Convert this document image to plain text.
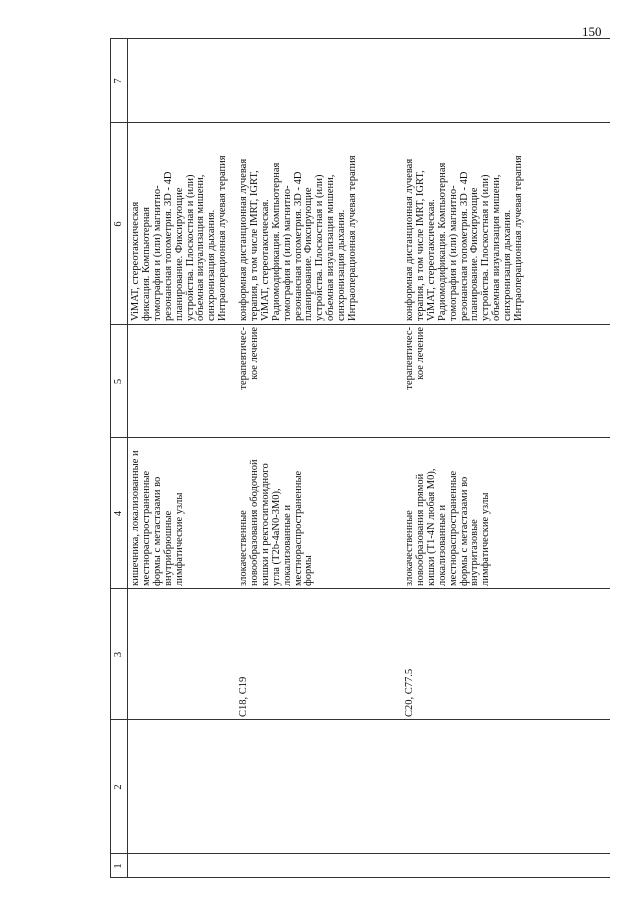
150
1
2
3
4
5
6
7
кишечника, локализованные и местнораспространенные формы с метастазами во внутрибрюшные лимфатические узлы
ViMAT, стереотаксическая фиксация. Компьютерная томография и (или) магнитно- резонансная топометрия. 3D - 4D планирование. Фиксирующие устройства. Плоскостная и (или) объемная визуализация мишени, синхронизация дыхания. Интраоперационная лучевая терапия
C18, C19
злокачественные новообразования ободочной кишки и ректосигмоидного угла (T2b-4aN0-3M0), локализованные и местнораспространенные формы
терапевтичес- кое лечение
конформная дистанционная лучевая терапия, в том числе IMRT, IGRT, ViMAT, стереотаксическая. Радиомодификация. Компьютерная томография и (или) магнитно- резонансная топометрия. 3D - 4D планирование. Фиксирующие устройства. Плоскостная и (или) объемная визуализация мишени, синхронизация дыхания. Интраоперационная лучевая терапия
C20, C77.5
злокачественные новообразования прямой кишки (T1-4N любая M0), локализованные и местнораспространенные формы с метастазами во внутритазовые лимфатические узлы
терапевтичес- кое лечение
конформная дистанционная лучевая терапия, в том числе IMRT, IGRT, ViMAT, стереотаксическая. Радиомодификация. Компьютерная томография и (или) магнитно- резонансная топометрия. 3D - 4D планирование. Фиксирующие устройства. Плоскостная и (или) объемная визуализация мишени, синхронизация дыхания. Интраоперационная лучевая терапия
